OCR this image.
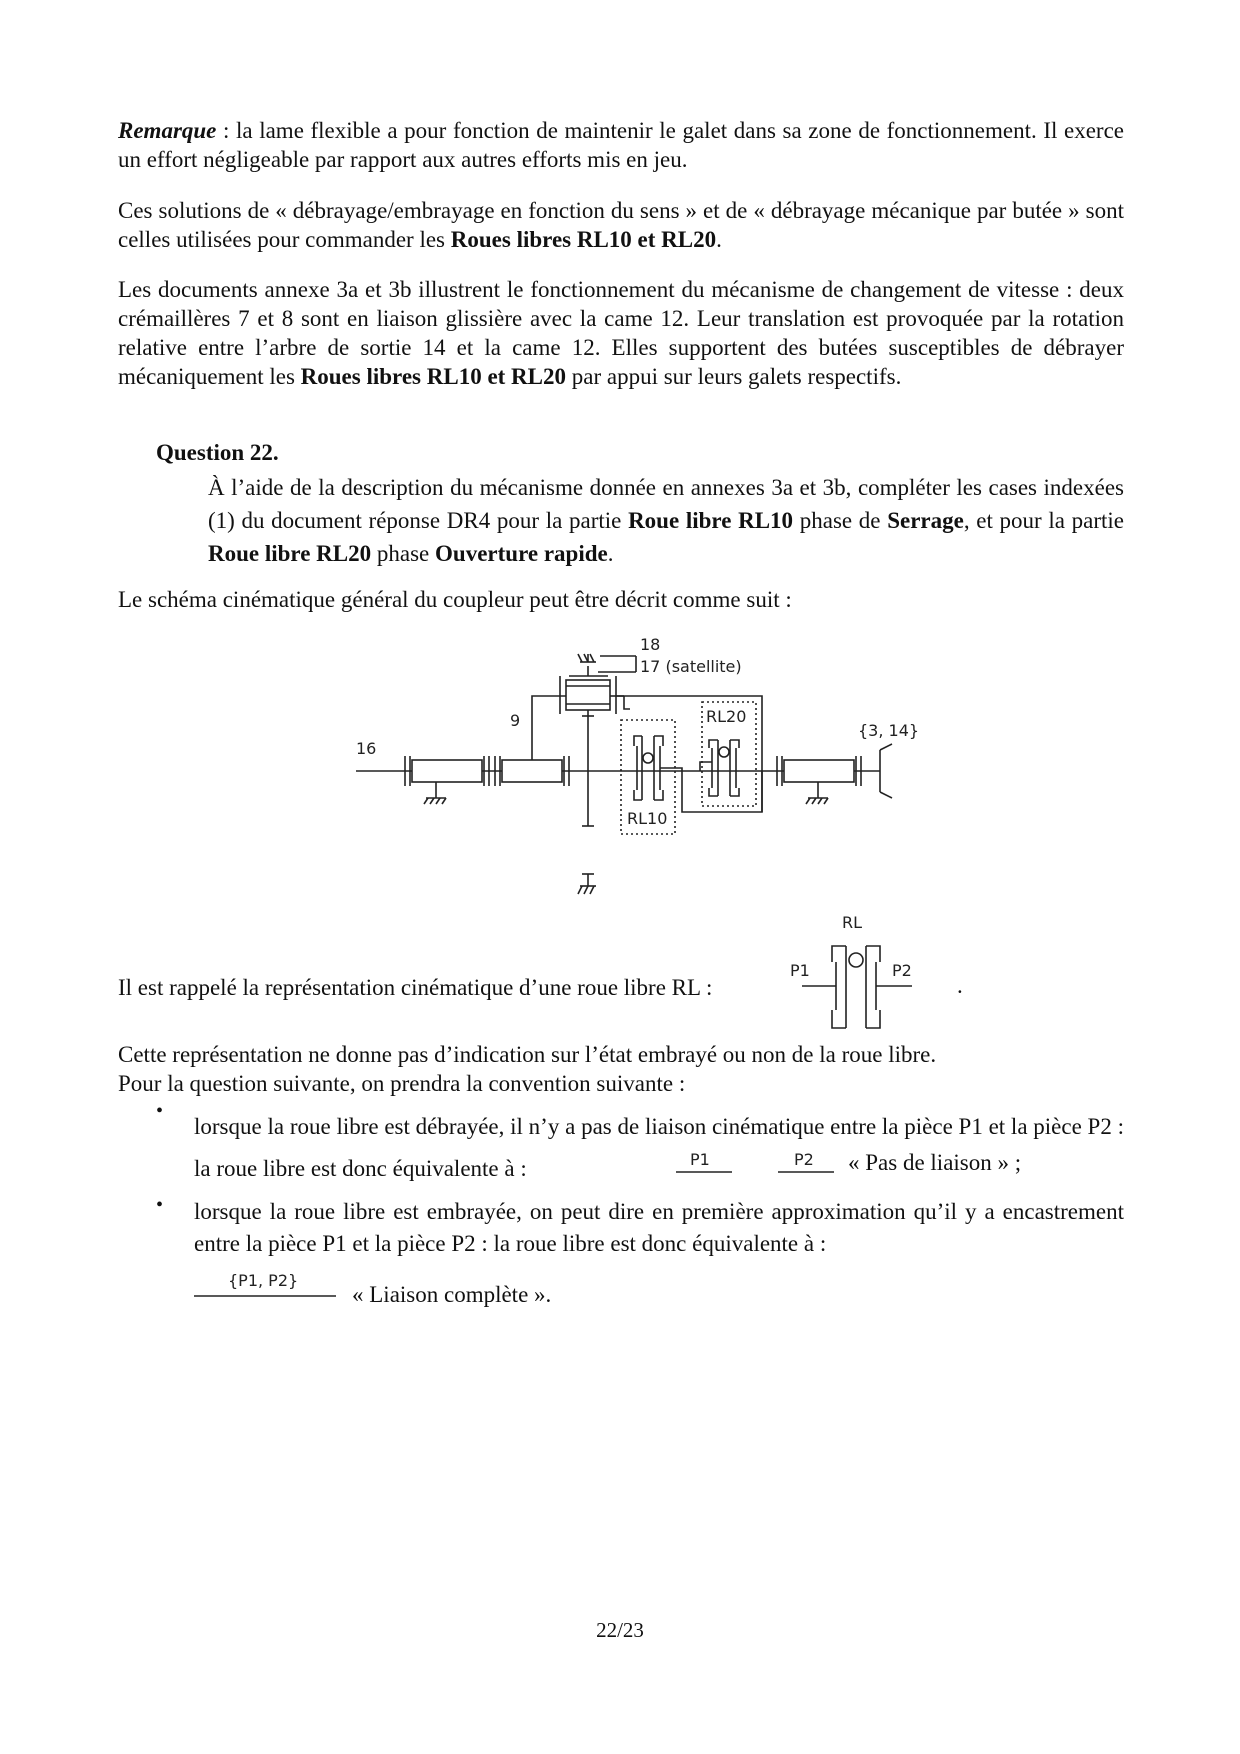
Remarque : la lame flexible a pour fonction de maintenir le galet dans sa zone de fonctionnement. Il exerce un effort négligeable par rapport aux autres efforts mis en jeu.

Ces solutions de « débrayage/embrayage en fonction du sens » et de « débrayage mécanique par butée » sont celles utilisées pour commander les Roues libres RL10 et RL20.

Les documents annexe 3a et 3b illustrent le fonctionnement du mécanisme de changement de vitesse : deux crémaillères 7 et 8 sont en liaison glissière avec la came 12. Leur translation est provoquée par la rotation relative entre l’arbre de sortie 14 et la came 12. Elles supportent des butées susceptibles de débrayer mécaniquement les Roues libres RL10 et RL20 par appui sur leurs galets respectifs.

Question 22.

À l’aide de la description du mécanisme donnée en annexes 3a et 3b, compléter les cases indexées (1) du document réponse DR4 pour la partie Roue libre RL10 phase de Serrage, et pour la partie Roue libre RL20 phase Ouverture rapide.

Le schéma cinématique général du coupleur peut être décrit comme suit :

18
17 (satellite)
9
16
RL20
RL10
{3, 14}

Il est rappelé la représentation cinématique d’une roue libre RL :	.
RL
P1	P2

Cette représentation ne donne pas d’indication sur l’état embrayé ou non de la roue libre.

Pour la question suivante, on prendra la convention suivante :

•

lorsque la roue libre est débrayée, il n’y a pas de liaison cinématique entre la pièce P1 et la pièce P2 : la roue libre est donc équivalente à :	P1	P2 « Pas de liaison » ;
• lorsque la roue libre est embrayée, on peut dire en première approximation qu’il y a encastrement entre la pièce P1 et la pièce P2 : la roue libre est donc équivalente à :

{P1, P2}
« Liaison complète ».
22/23
